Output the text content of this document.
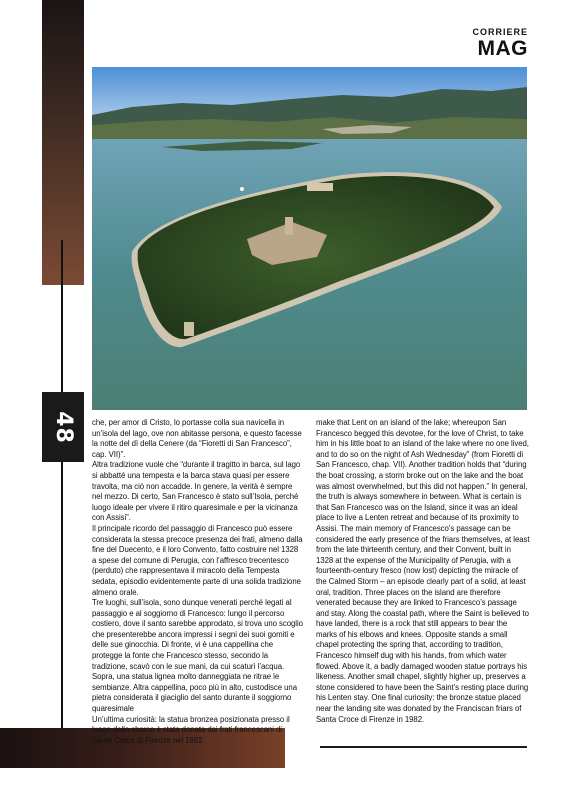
48
CORRIERE
MAG

che, per amor di Cristo, lo portasse colla sua navicella in un’isola del lago, ove non abitasse persona, e questo facesse la notte del dì della Cenere (da “Fioretti di San Francesco”, cap. VII)”.

Altra tradizione vuole che “durante il tragitto in barca, sul lago si abbatté una tempesta e la barca stava quasi per essere travolta, ma ciò non accadde. In genere, la verità è sempre nel mezzo. Di certo, San Francesco è stato sull’Isola, perché luogo ideale per vivere il ritiro quaresimale e per la vicinanza con Assisi”.

Il principale ricordo del passaggio di Francesco può essere considerata la stessa precoce presenza dei frati, almeno dalla fine del Duecento, e il loro Convento, fatto costruire nel 1328 a spese del comune di Perugia, con l’affresco trecentesco (perduto) che rappresentava il miracolo della Tempesta sedata, episodio evidentemente parte di una solida tradizione almeno orale.

Tre luoghi, sull’isola, sono dunque venerati perché legati al passaggio e al soggiorno di Francesco: lungo il percorso costiero, dove il santo sarebbe approdato, si trova uno scoglio che presenterebbe ancora impressi i segni dei suoi gomiti e delle sue ginocchia. Di fronte, vi è una cappellina che protegge la fonte che Francesco stesso, secondo la tradizione, scavò con le sue mani, da cui scaturì l’acqua. Sopra, una statua lignea molto danneggiata ne ritrae le sembianze. Altra cappellina, poco più in alto, custodisce una pietra considerata il giaciglio del santo durante il soggiorno quaresimale

Un’ultima curiosità: la statua bronzea posizionata presso il luogo dello sbarco è stata donata dai frati francescani di Santa Croce di Firenze nel 1982.

make that Lent on an island of the lake; whereupon San Francesco begged this devotee, for the love of Christ, to take him in his little boat to an island of the lake where no one lived, and to do so on the night of Ash Wednesday” (from Fioretti di San Francesco, chap. VII). Another tradition holds that “during the boat crossing, a storm broke out on the lake and the boat was almost overwhelmed, but this did not happen.” In general, the truth is always somewhere in between. What is certain is that San Francesco was on the Island, since it was an ideal place to live a Lenten retreat and because of its proximity to Assisi. The main memory of Francesco’s passage can be considered the early presence of the friars themselves, at least from the late thirteenth century, and their Convent, built in 1328 at the expense of the Municipality of Perugia, with a fourteenth-century fresco (now lost) depicting the miracle of the Calmed Storm – an episode clearly part of a solid, at least oral, tradition. Three places on the island are therefore venerated because they are linked to Francesco’s passage and stay. Along the coastal path, where the Saint is believed to have landed, there is a rock that still appears to bear the marks of his elbows and knees. Opposite stands a small chapel protecting the spring that, according to tradition, Francesco himself dug with his hands, from which water flowed. Above it, a badly damaged wooden statue portrays his likeness. Another small chapel, slightly higher up, preserves a stone considered to have been the Saint’s resting place during his Lenten stay. One final curiosity: the bronze statue placed near the landing site was donated by the Franciscan friars of Santa Croce di Firenze in 1982.
